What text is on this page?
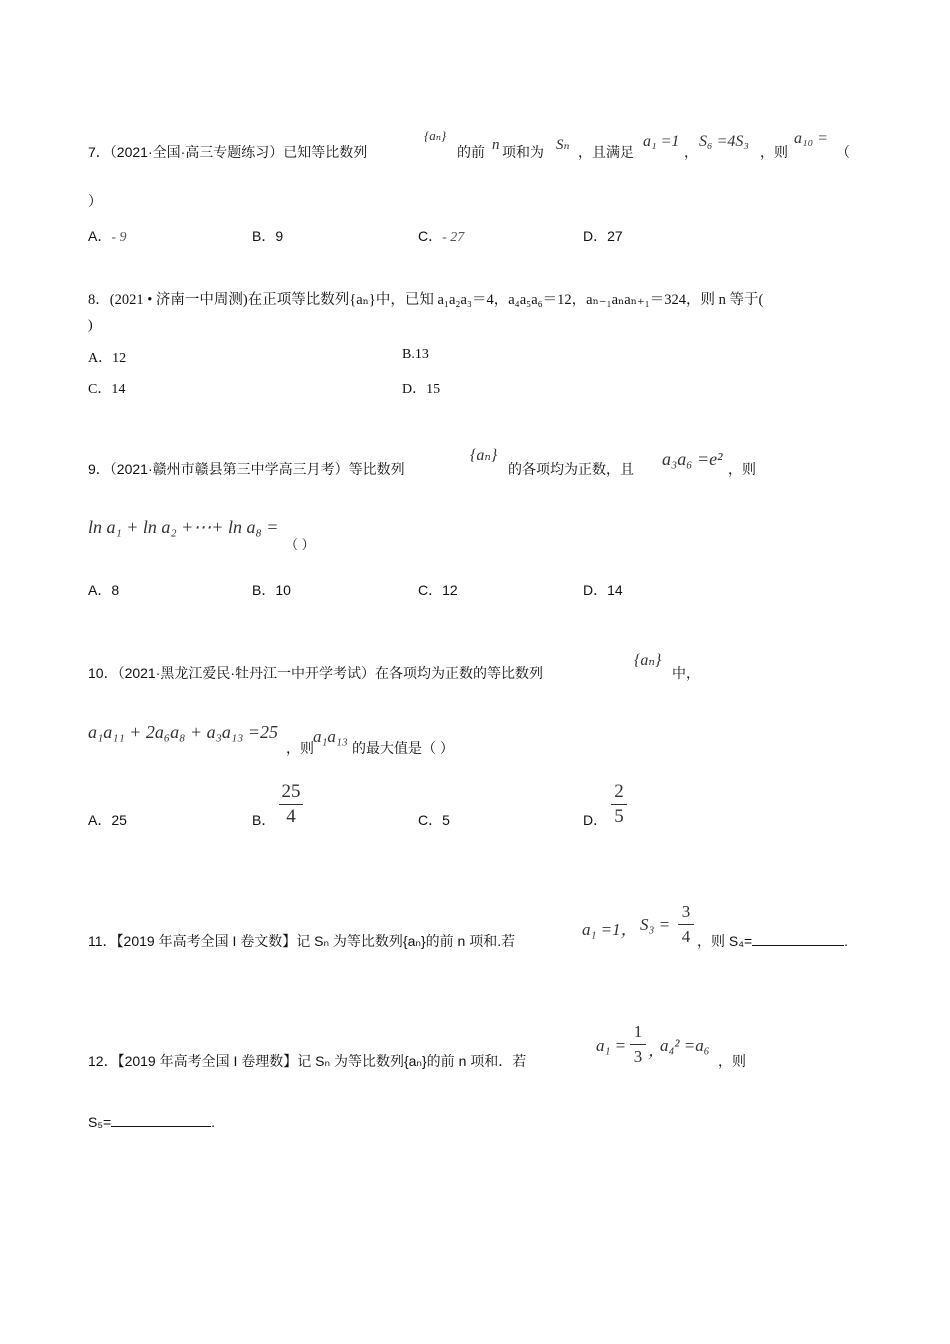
7．（2021·全国·高三专题练习）已知等比数列
{aₙ}
的前 n 项和为 Sₙ ，且满足
a₁ =1
，
S₆ =4S₃
，则
a₁₀ =
（
）
A．- 9	B．9	C．- 27	D．27
8．(2021 • 济南一中周测)在正项等比数列{aₙ}中，已知 a₁a₂a₃＝4，a₄a₅a₆＝12，aₙ₋₁aₙaₙ₊₁＝324，则 n 等于(
)
A．12	B.13
C．14	D．15
9．（2021·赣州市赣县第三中学高三月考）等比数列
{aₙ}
的各项均为正数，且 a₃a₆ =e² ，则
ln a₁ + ln a₂ +⋯+ ln a₈ =
（ ）
A．8	B．10	C．12	D．14
10．（2021·黑龙江爱民·牡丹江一中开学考试）在各项均为正数的等比数列
{aₙ}
中，
a₁a₁₁ + 2a₆a₈ + a₃a₁₃ =25
，则
a₁a₁₃
的最大值是（ ）
A．25	B．
25
4	C．5	D．
2
5
11．【2019 年高考全国 I 卷文数】记 Sₙ 为等比数列{aₙ}的前 n 项和.若
a₁ =1， S₃ =
3
4 ，则 S₄=	.
12．【2019 年高考全国 I 卷理数】记 Sₙ 为等比数列{aₙ}的前 n 项和．若
a₁ =
1
3 ，
a₄² =a₆
，则
S₅=	.
